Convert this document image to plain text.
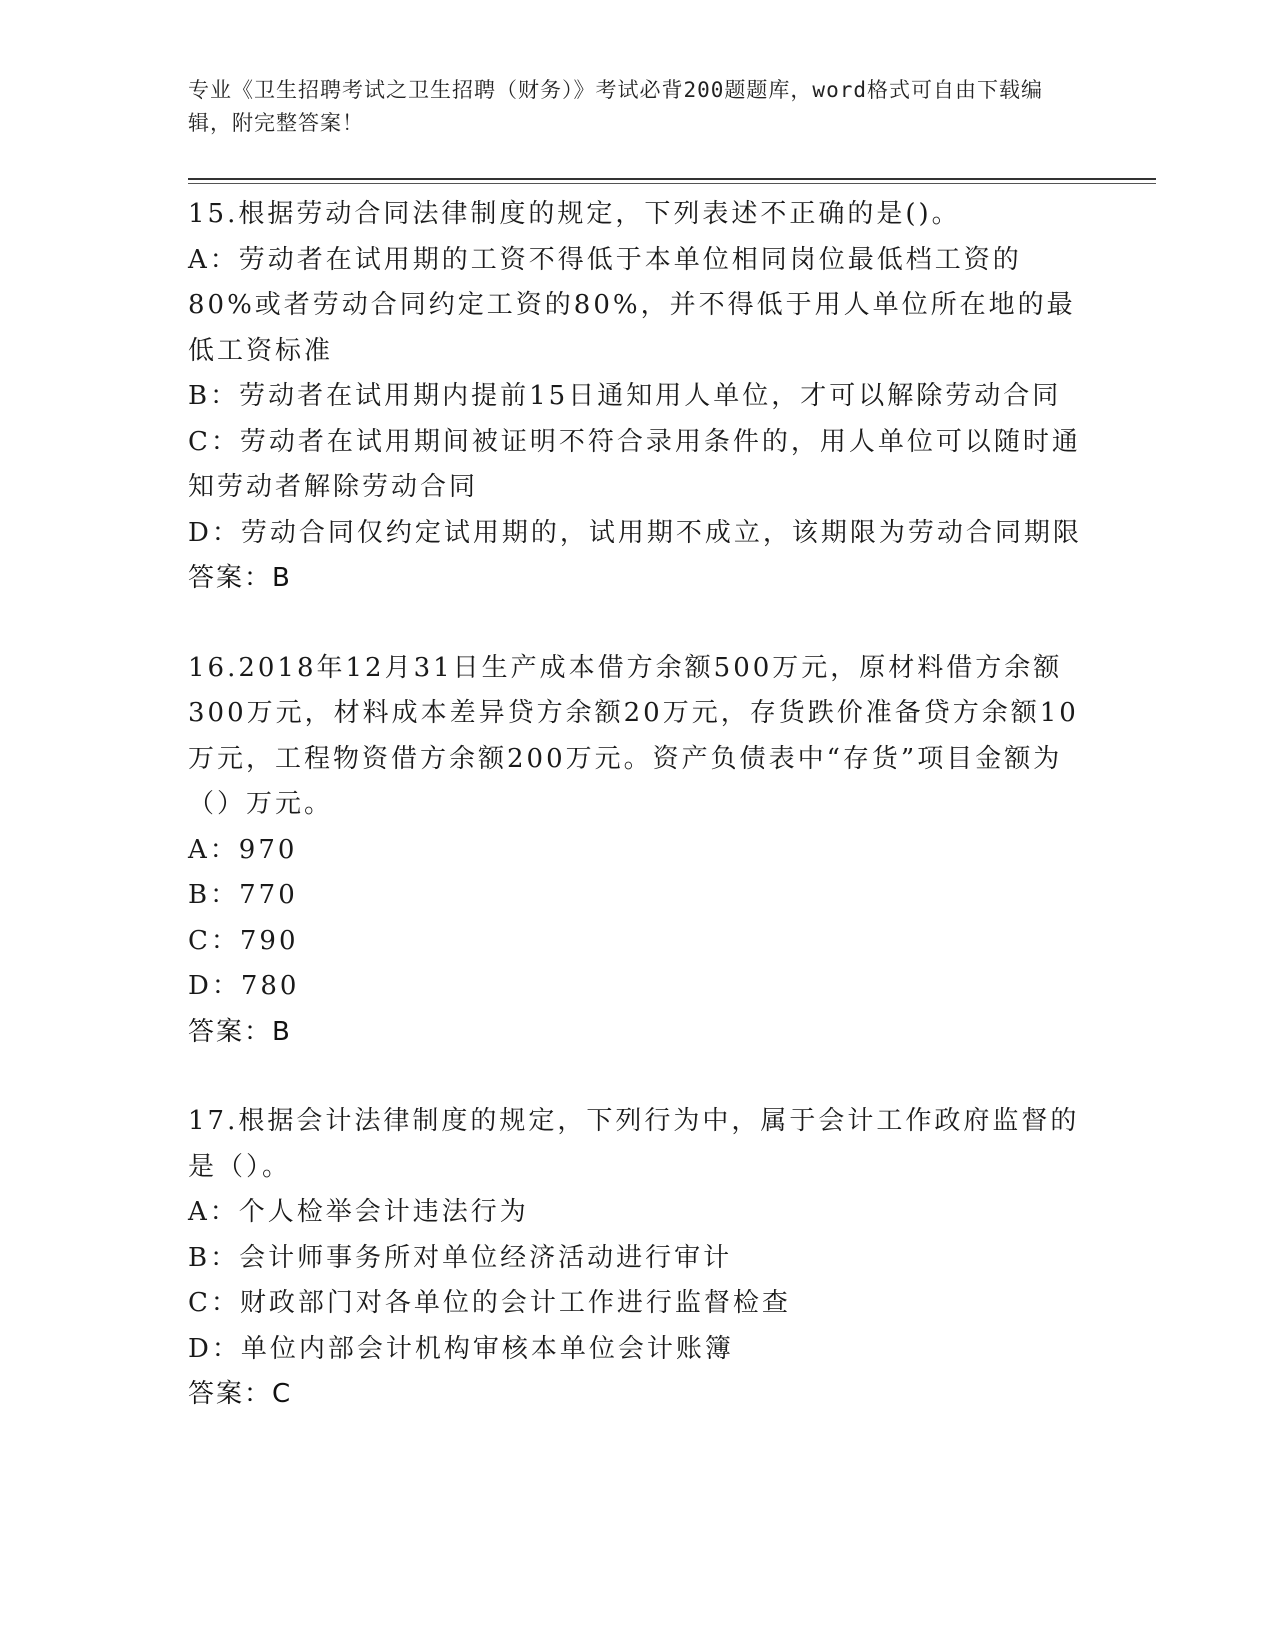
专业《卫生招聘考试之卫生招聘（财务）》考试必背200题题库，word格式可自由下载编辑，附完整答案！

15.根据劳动合同法律制度的规定，下列表述不正确的是()。

A：劳动者在试用期的工资不得低于本单位相同岗位最低档工资的80%或者劳动合同约定工资的80%，并不得低于用人单位所在地的最低工资标准

B：劳动者在试用期内提前15日通知用人单位，才可以解除劳动合同

C：劳动者在试用期间被证明不符合录用条件的，用人单位可以随时通知劳动者解除劳动合同

D：劳动合同仅约定试用期的，试用期不成立，该期限为劳动合同期限

答案：B

16.2018年12月31日生产成本借方余额500万元，原材料借方余额300万元，材料成本差异贷方余额20万元，存货跌价准备贷方余额10万元，工程物资借方余额200万元。资产负债表中“存货”项目金额为（）万元。

A：970

B：770

C：790

D：780

答案：B

17.根据会计法律制度的规定，下列行为中，属于会计工作政府监督的是（）。

A：个人检举会计违法行为

B：会计师事务所对单位经济活动进行审计

C：财政部门对各单位的会计工作进行监督检查

D：单位内部会计机构审核本单位会计账簿

答案：C
